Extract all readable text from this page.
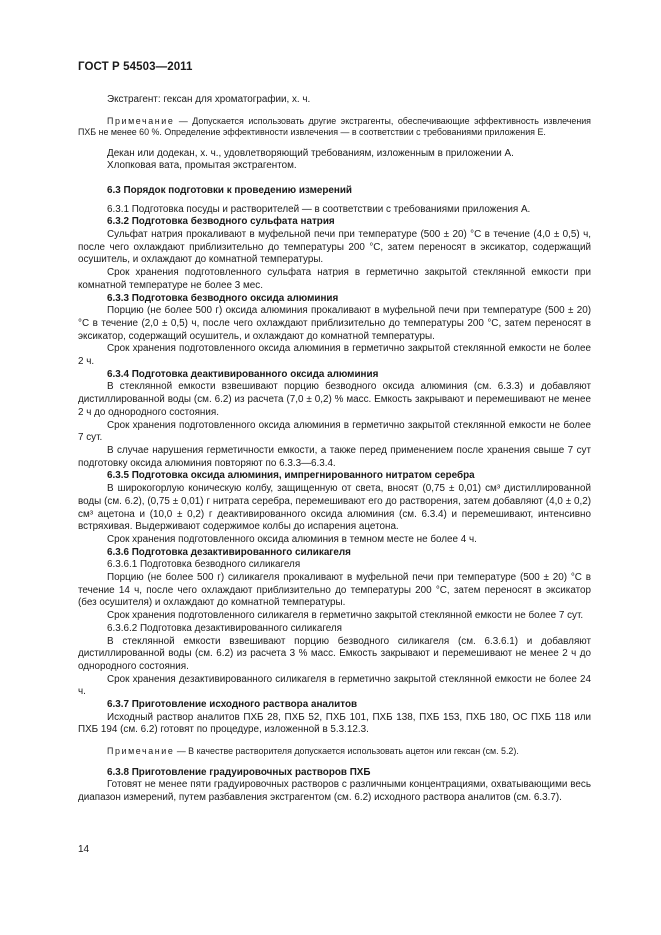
ГОСТ Р 54503—2011

Экстрагент: гексан для хроматографии, х. ч.

Примечание — Допускается использовать другие экстрагенты, обеспечивающие эффективность извлечения ПХБ не менее 60 %. Определение эффективности извлечения — в соответствии с требованиями приложения Е.

Декан или додекан, х. ч., удовлетворяющий требованиям, изложенным в приложении А.

Хлопковая вата, промытая экстрагентом.

6.3 Порядок подготовки к проведению измерений

6.3.1 Подготовка посуды и растворителей — в соответствии с требованиями приложения А.

6.3.2 Подготовка безводного сульфата натрия

Сульфат натрия прокаливают в муфельной печи при температуре (500 ± 20) °С в течение (4,0 ± 0,5) ч, после чего охлаждают приблизительно до температуры 200 °С, затем переносят в эксикатор, содержащий осушитель, и охлаждают до комнатной температуры.

Срок хранения подготовленного сульфата натрия в герметично закрытой стеклянной емкости при комнатной температуре не более 3 мес.

6.3.3 Подготовка безводного оксида алюминия

Порцию (не более 500 г) оксида алюминия прокаливают в муфельной печи при температуре (500 ± 20) °С в течение (2,0 ± 0,5) ч, после чего охлаждают приблизительно до температуры 200 °С, затем переносят в эксикатор, содержащий осушитель, и охлаждают до комнатной температуры.

Срок хранения подготовленного оксида алюминия в герметично закрытой стеклянной емкости не более 2 ч.

6.3.4 Подготовка деактивированного оксида алюминия

В стеклянной емкости взвешивают порцию безводного оксида алюминия (см. 6.3.3) и добавляют дистиллированной воды (см. 6.2) из расчета (7,0 ± 0,2) % масс. Емкость закрывают и перемешивают не менее 2 ч до однородного состояния.

Срок хранения подготовленного оксида алюминия в герметично закрытой стеклянной емкости не более 7 сут.

В случае нарушения герметичности емкости, а также перед применением после хранения свыше 7 сут подготовку оксида алюминия повторяют по 6.3.3—6.3.4.

6.3.5 Подготовка оксида алюминия, импрегнированного нитратом серебра

В широкогорлую коническую колбу, защищенную от света, вносят (0,75 ± 0,01) см³ дистиллированной воды (см. 6.2), (0,75 ± 0,01) г нитрата серебра, перемешивают его до растворения, затем добавляют (4,0 ± 0,2) см³ ацетона и (10,0 ± 0,2) г деактивированного оксида алюминия (см. 6.3.4) и перемешивают, интенсивно встряхивая. Выдерживают содержимое колбы до испарения ацетона.

Срок хранения подготовленного оксида алюминия в темном месте не более 4 ч.

6.3.6 Подготовка дезактивированного силикагеля

6.3.6.1 Подготовка безводного силикагеля

Порцию (не более 500 г) силикагеля прокаливают в муфельной печи при температуре (500 ± 20) °С в течение 14 ч, после чего охлаждают приблизительно до температуры 200 °С, затем переносят в эксикатор (без осушителя) и охлаждают до комнатной температуры.

Срок хранения подготовленного силикагеля в герметично закрытой стеклянной емкости не более 7 сут.

6.3.6.2 Подготовка дезактивированного силикагеля

В стеклянной емкости взвешивают порцию безводного силикагеля (см. 6.3.6.1) и добавляют дистиллированной воды (см. 6.2) из расчета 3 % масс. Емкость закрывают и перемешивают не менее 2 ч до однородного состояния.

Срок хранения дезактивированного силикагеля в герметично закрытой стеклянной емкости не более 24 ч.

6.3.7 Приготовление исходного раствора аналитов

Исходный раствор аналитов ПХБ 28, ПХБ 52, ПХБ 101, ПХБ 138, ПХБ 153, ПХБ 180, ОС ПХБ 118 или ПХБ 194 (см. 6.2) готовят по процедуре, изложенной в 5.3.12.3.

Примечание — В качестве растворителя допускается использовать ацетон или гексан (см. 5.2).

6.3.8 Приготовление градуировочных растворов ПХБ

Готовят не менее пяти градуировочных растворов с различными концентрациями, охватывающими весь диапазон измерений, путем разбавления экстрагентом (см. 6.2) исходного раствора аналитов (см. 6.3.7).

14
